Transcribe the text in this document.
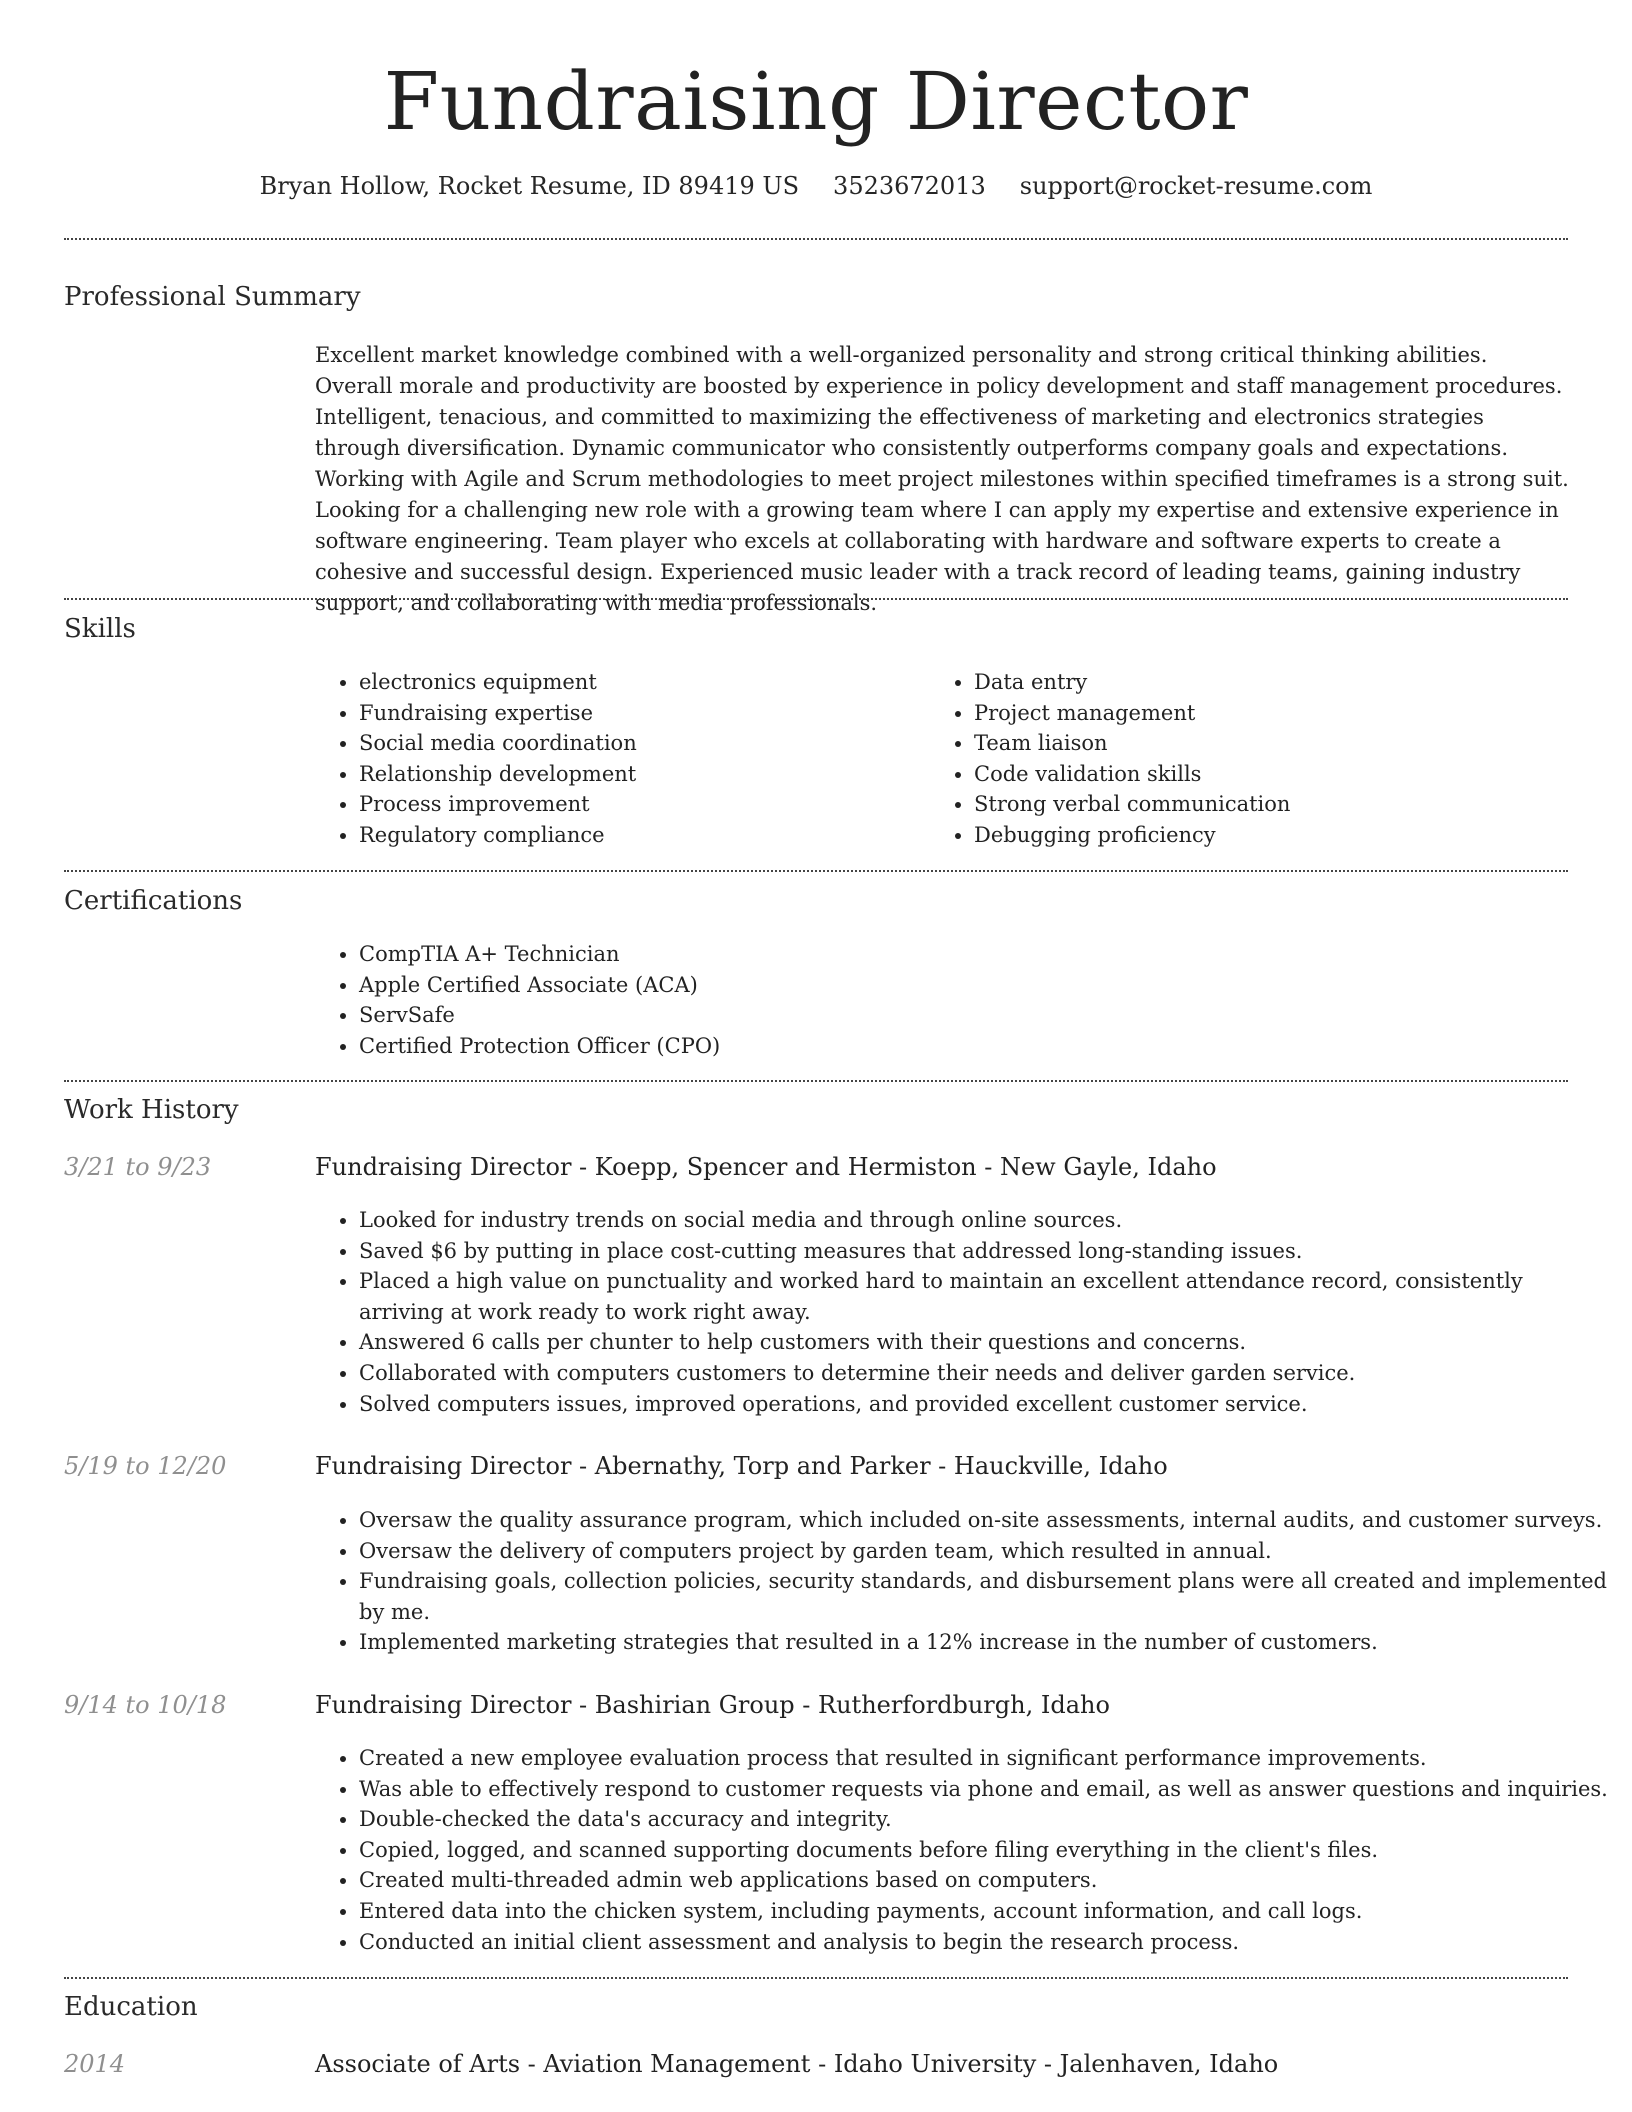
Fundraising Director
Bryan Hollow, Rocket Resume, ID 89419 US 3523672013 support@rocket-resume.com
Professional Summary

Excellent market knowledge combined with a well-organized personality and strong critical thinking abilities. Overall morale and productivity are boosted by experience in policy development and staff management procedures. Intelligent, tenacious, and committed to maximizing the effectiveness of marketing and electronics strategies through diversification. Dynamic communicator who consistently outperforms company goals and expectations. Working with Agile and Scrum methodologies to meet project milestones within specified timeframes is a strong suit. Looking for a challenging new role with a growing team where I can apply my expertise and extensive experience in software engineering. Team player who excels at collaborating with hardware and software experts to create a cohesive and successful design. Experienced music leader with a track record of leading teams, gaining industry support, and collaborating with media professionals.

Skills
• electronics equipment
• Fundraising expertise
• Social media coordination
• Relationship development
• Process improvement
• Regulatory compliance
• Data entry
• Project management
• Team liaison
• Code validation skills
• Strong verbal communication
• Debugging proficiency
Certifications
• CompTIA A+ Technician
• Apple Certified Associate (ACA)
• ServSafe
• Certified Protection Officer (CPO)
Work History
3/21 to 9/23	Fundraising Director - Koepp, Spencer and Hermiston - New Gayle, Idaho
• Looked for industry trends on social media and through online sources.
• Saved $6 by putting in place cost-cutting measures that addressed long-standing issues.
• Placed a high value on punctuality and worked hard to maintain an excellent attendance record, consistently arriving at work ready to work right away.
• Answered 6 calls per chunter to help customers with their questions and concerns.
• Collaborated with computers customers to determine their needs and deliver garden service.
• Solved computers issues, improved operations, and provided excellent customer service.
5/19 to 12/20	Fundraising Director - Abernathy, Torp and Parker - Hauckville, Idaho
• Oversaw the quality assurance program, which included on-site assessments, internal audits, and customer surveys.
• Oversaw the delivery of computers project by garden team, which resulted in annual.
• Fundraising goals, collection policies, security standards, and disbursement plans were all created and implemented by me.
• Implemented marketing strategies that resulted in a 12% increase in the number of customers.
9/14 to 10/18	Fundraising Director - Bashirian Group - Rutherfordburgh, Idaho
• Created a new employee evaluation process that resulted in significant performance improvements.
• Was able to effectively respond to customer requests via phone and email, as well as answer questions and inquiries.
• Double-checked the data's accuracy and integrity.
• Copied, logged, and scanned supporting documents before filing everything in the client's files.
• Created multi-threaded admin web applications based on computers.
• Entered data into the chicken system, including payments, account information, and call logs.
• Conducted an initial client assessment and analysis to begin the research process.
Education
2014	Associate of Arts - Aviation Management - Idaho University - Jalenhaven, Idaho
